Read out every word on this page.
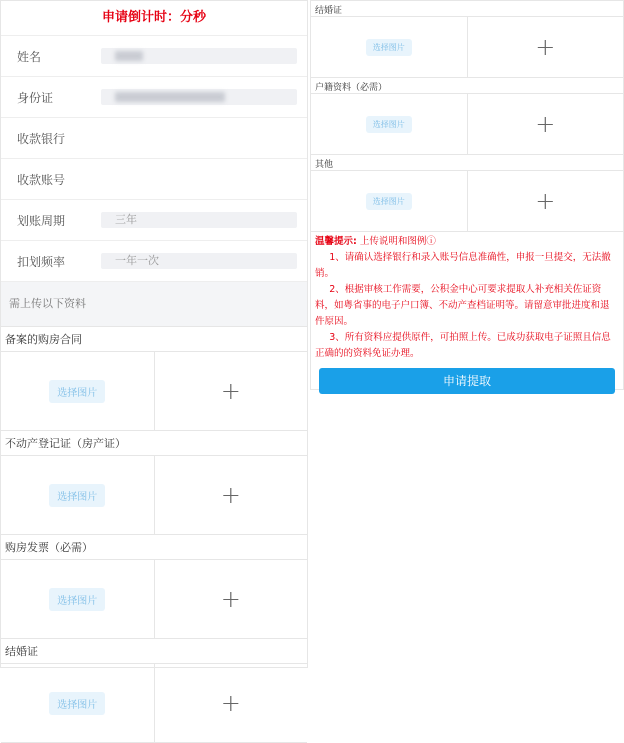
申请倒计时：分秒
姓名
身份证
收款银行
收款账号
划账周期	三年
扣划频率	一年一次
需上传以下资料
备案的购房合同
选择图片	+
不动产登记证（房产证）
选择图片	+
购房发票（必需）
选择图片	+
结婚证
选择图片	+
结婚证
选择图片	+
户籍资料（必需）
选择图片	+
其他
选择图片	+
温馨提示: 上传说明和图例ⓘ
1、请确认选择银行和录入账号信息准确性，申报一旦提交，无法撤销。
2、根据审核工作需要，公积金中心可要求提取人补充相关佐证资料，如粤省事的电子户口簿、不动产查档证明等。请留意审批进度和退件原因。
3、所有资料应提供原件，可拍照上传。已成功获取电子证照且信息正确的的资料免证办理。
申请提取
